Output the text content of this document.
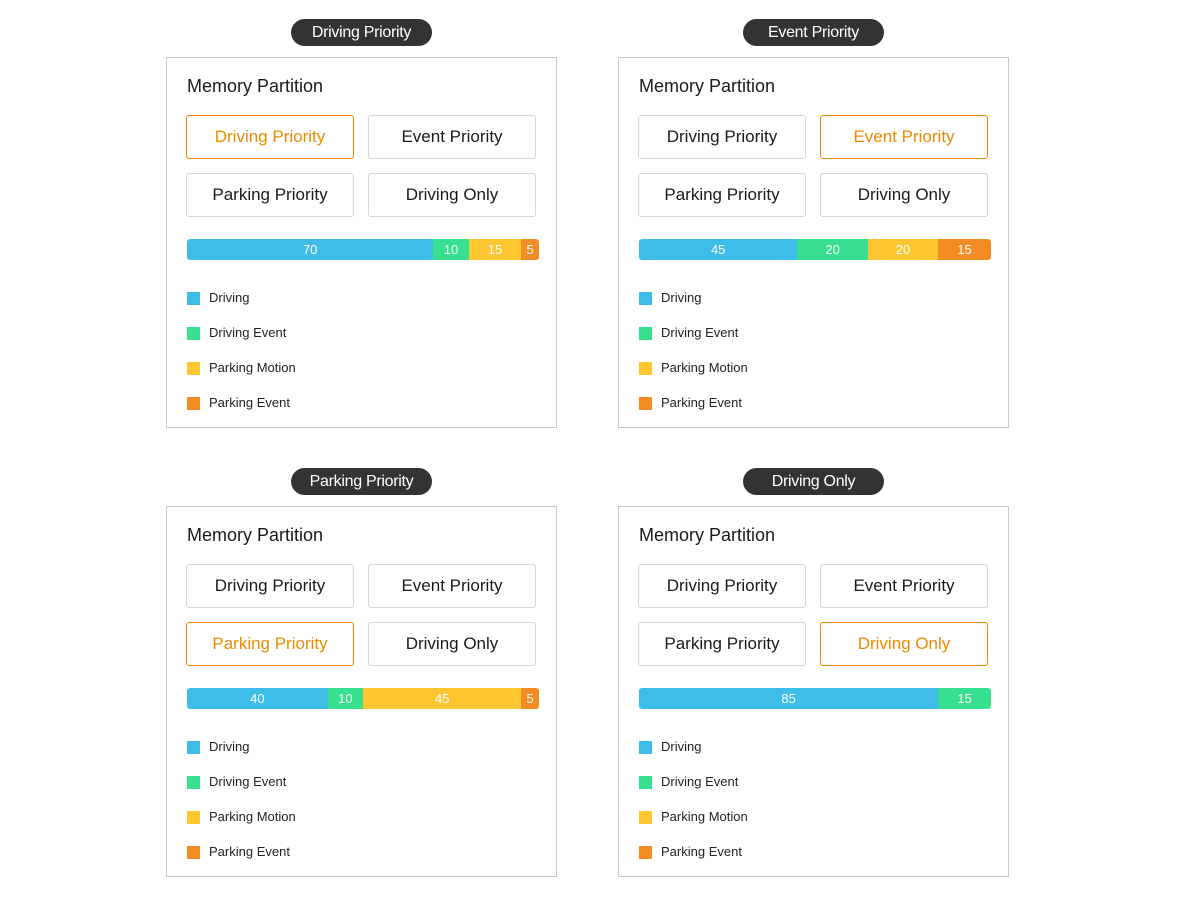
Driving Priority
Memory Partition
Driving Priority	Event Priority
Parking Priority	Driving Only
70	10	15	5
Driving
Driving Event
Parking Motion
Parking Event
Event Priority
Memory Partition
Driving Priority	Event Priority
Parking Priority	Driving Only
45	20	20	15
Driving
Driving Event
Parking Motion
Parking Event
Parking Priority
Memory Partition
Driving Priority	Event Priority
Parking Priority	Driving Only
40	10	45	5
Driving
Driving Event
Parking Motion
Parking Event
Driving Only
Memory Partition
Driving Priority	Event Priority
Parking Priority	Driving Only
85	15
Driving
Driving Event
Parking Motion
Parking Event
